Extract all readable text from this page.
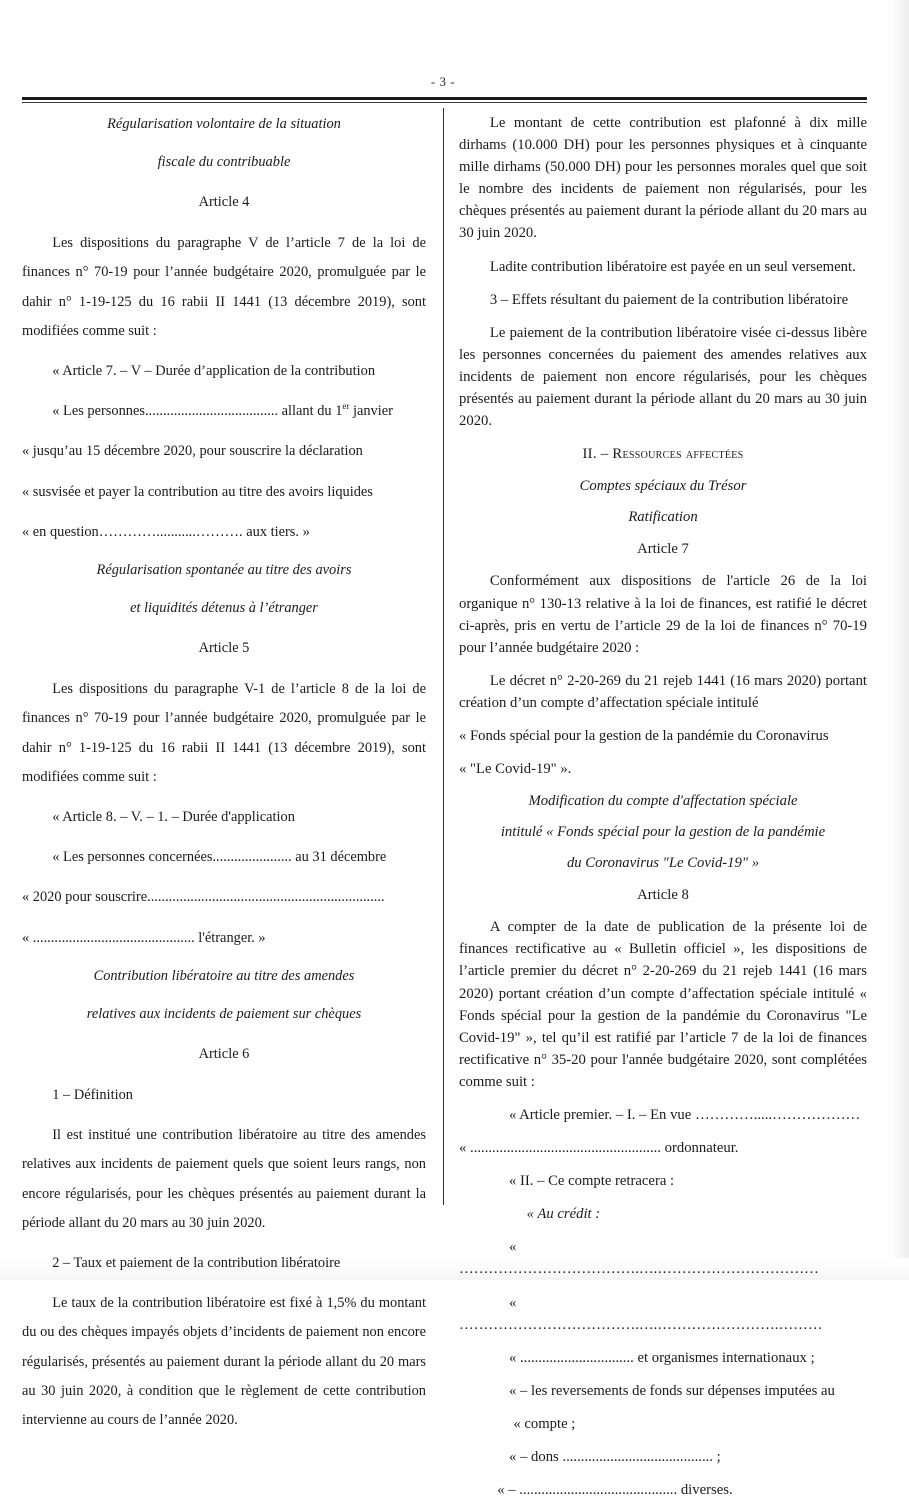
- 3 -

Régularisation volontaire de la situation

fiscale du contribuable

Article 4

Les dispositions du paragraphe V de l’article 7 de la loi de finances n° 70-19 pour l’année budgétaire 2020, promulguée par le dahir n° 1-19-125 du 16 rabii II 1441 (13 décembre 2019), sont modifiées comme suit :

« Article 7. – V – Durée d’application de la contribution

« Les personnes..................................... allant du 1er janvier

« jusqu’au 15 décembre 2020, pour souscrire la déclaration

« susvisée et payer la contribution au titre des avoirs liquides

« en question…………...........………. aux tiers. »

Régularisation spontanée au titre des avoirs

et liquidités détenus à l’étranger

Article 5

Les dispositions du paragraphe V-1 de l’article 8 de la loi de finances n° 70-19 pour l’année budgétaire 2020, promulguée par le dahir n° 1-19-125 du 16 rabii II 1441 (13 décembre 2019), sont modifiées comme suit :

« Article 8. – V. – 1. – Durée d'application

« Les personnes concernées...................... au 31 décembre

« 2020 pour souscrire..................................................................

« ............................................. l'étranger. »

Contribution libératoire au titre des amendes

relatives aux incidents de paiement sur chèques

Article 6

1 – Définition

Il est institué une contribution libératoire au titre des amendes relatives aux incidents de paiement quels que soient leurs rangs, non encore régularisés, pour les chèques présentés au paiement durant la période allant du 20 mars au 30 juin 2020.

2 – Taux et paiement de la contribution libératoire

Le taux de la contribution libératoire est fixé à 1,5% du montant du ou des chèques impayés objets d’incidents de paiement non encore régularisés, présentés au paiement durant la période allant du 20 mars au 30 juin 2020, à condition que le règlement de cette contribution intervienne au cours de l’année 2020.

Le montant de cette contribution est plafonné à dix mille dirhams (10.000 DH) pour les personnes physiques et à cinquante mille dirhams (50.000 DH) pour les personnes morales quel que soit le nombre des incidents de paiement non régularisés, pour les chèques présentés au paiement durant la période allant du 20 mars au 30 juin 2020.

Ladite contribution libératoire est payée en un seul versement.

3 – Effets résultant du paiement de la contribution libératoire

Le paiement de la contribution libératoire visée ci-dessus libère les personnes concernées du paiement des amendes relatives aux incidents de paiement non encore régularisés, pour les chèques présentés au paiement durant la période allant du 20 mars au 30 juin 2020.

II. – Ressources affectées

Comptes spéciaux du Trésor

Ratification

Article 7

Conformément aux dispositions de l'article 26 de la loi organique n° 130-13 relative à la loi de finances, est ratifié le décret ci-après, pris en vertu de l’article 29 de la loi de finances n° 70-19 pour l’année budgétaire 2020 :

Le décret n° 2-20-269 du 21 rejeb 1441 (16 mars 2020) portant création d’un compte d’affectation spéciale intitulé

« Fonds spécial pour la gestion de la pandémie du Coronavirus

« "Le Covid-19" ».

Modification du compte d'affectation spéciale

intitulé « Fonds spécial pour la gestion de la pandémie

du Coronavirus "Le Covid-19" »

Article 8

A compter de la date de publication de la présente loi de finances rectificative au « Bulletin officiel », les dispositions de l’article premier du décret n° 2-20-269 du 21 rejeb 1441 (16 mars 2020) portant création d’un compte d’affectation spéciale intitulé « Fonds spécial pour la gestion de la pandémie du Coronavirus "Le Covid-19" », tel qu’il est ratifié par l’article 7 de la loi de finances rectificative n° 35-20 pour l'année budgétaire 2020, sont complétées comme suit :

« Article premier. – I. – En vue ………….....………………

« .................................................... ordonnateur.

« II. – Ce compte retracera :

« Au crédit :

« ……………………………….….……………………………

« ……………………………….….…………………….………

« ............................... et organismes internationaux ;

« – les reversements de fonds sur dépenses imputées au

« compte ;

« – dons ......................................... ;

« – ........................................... diverses.
